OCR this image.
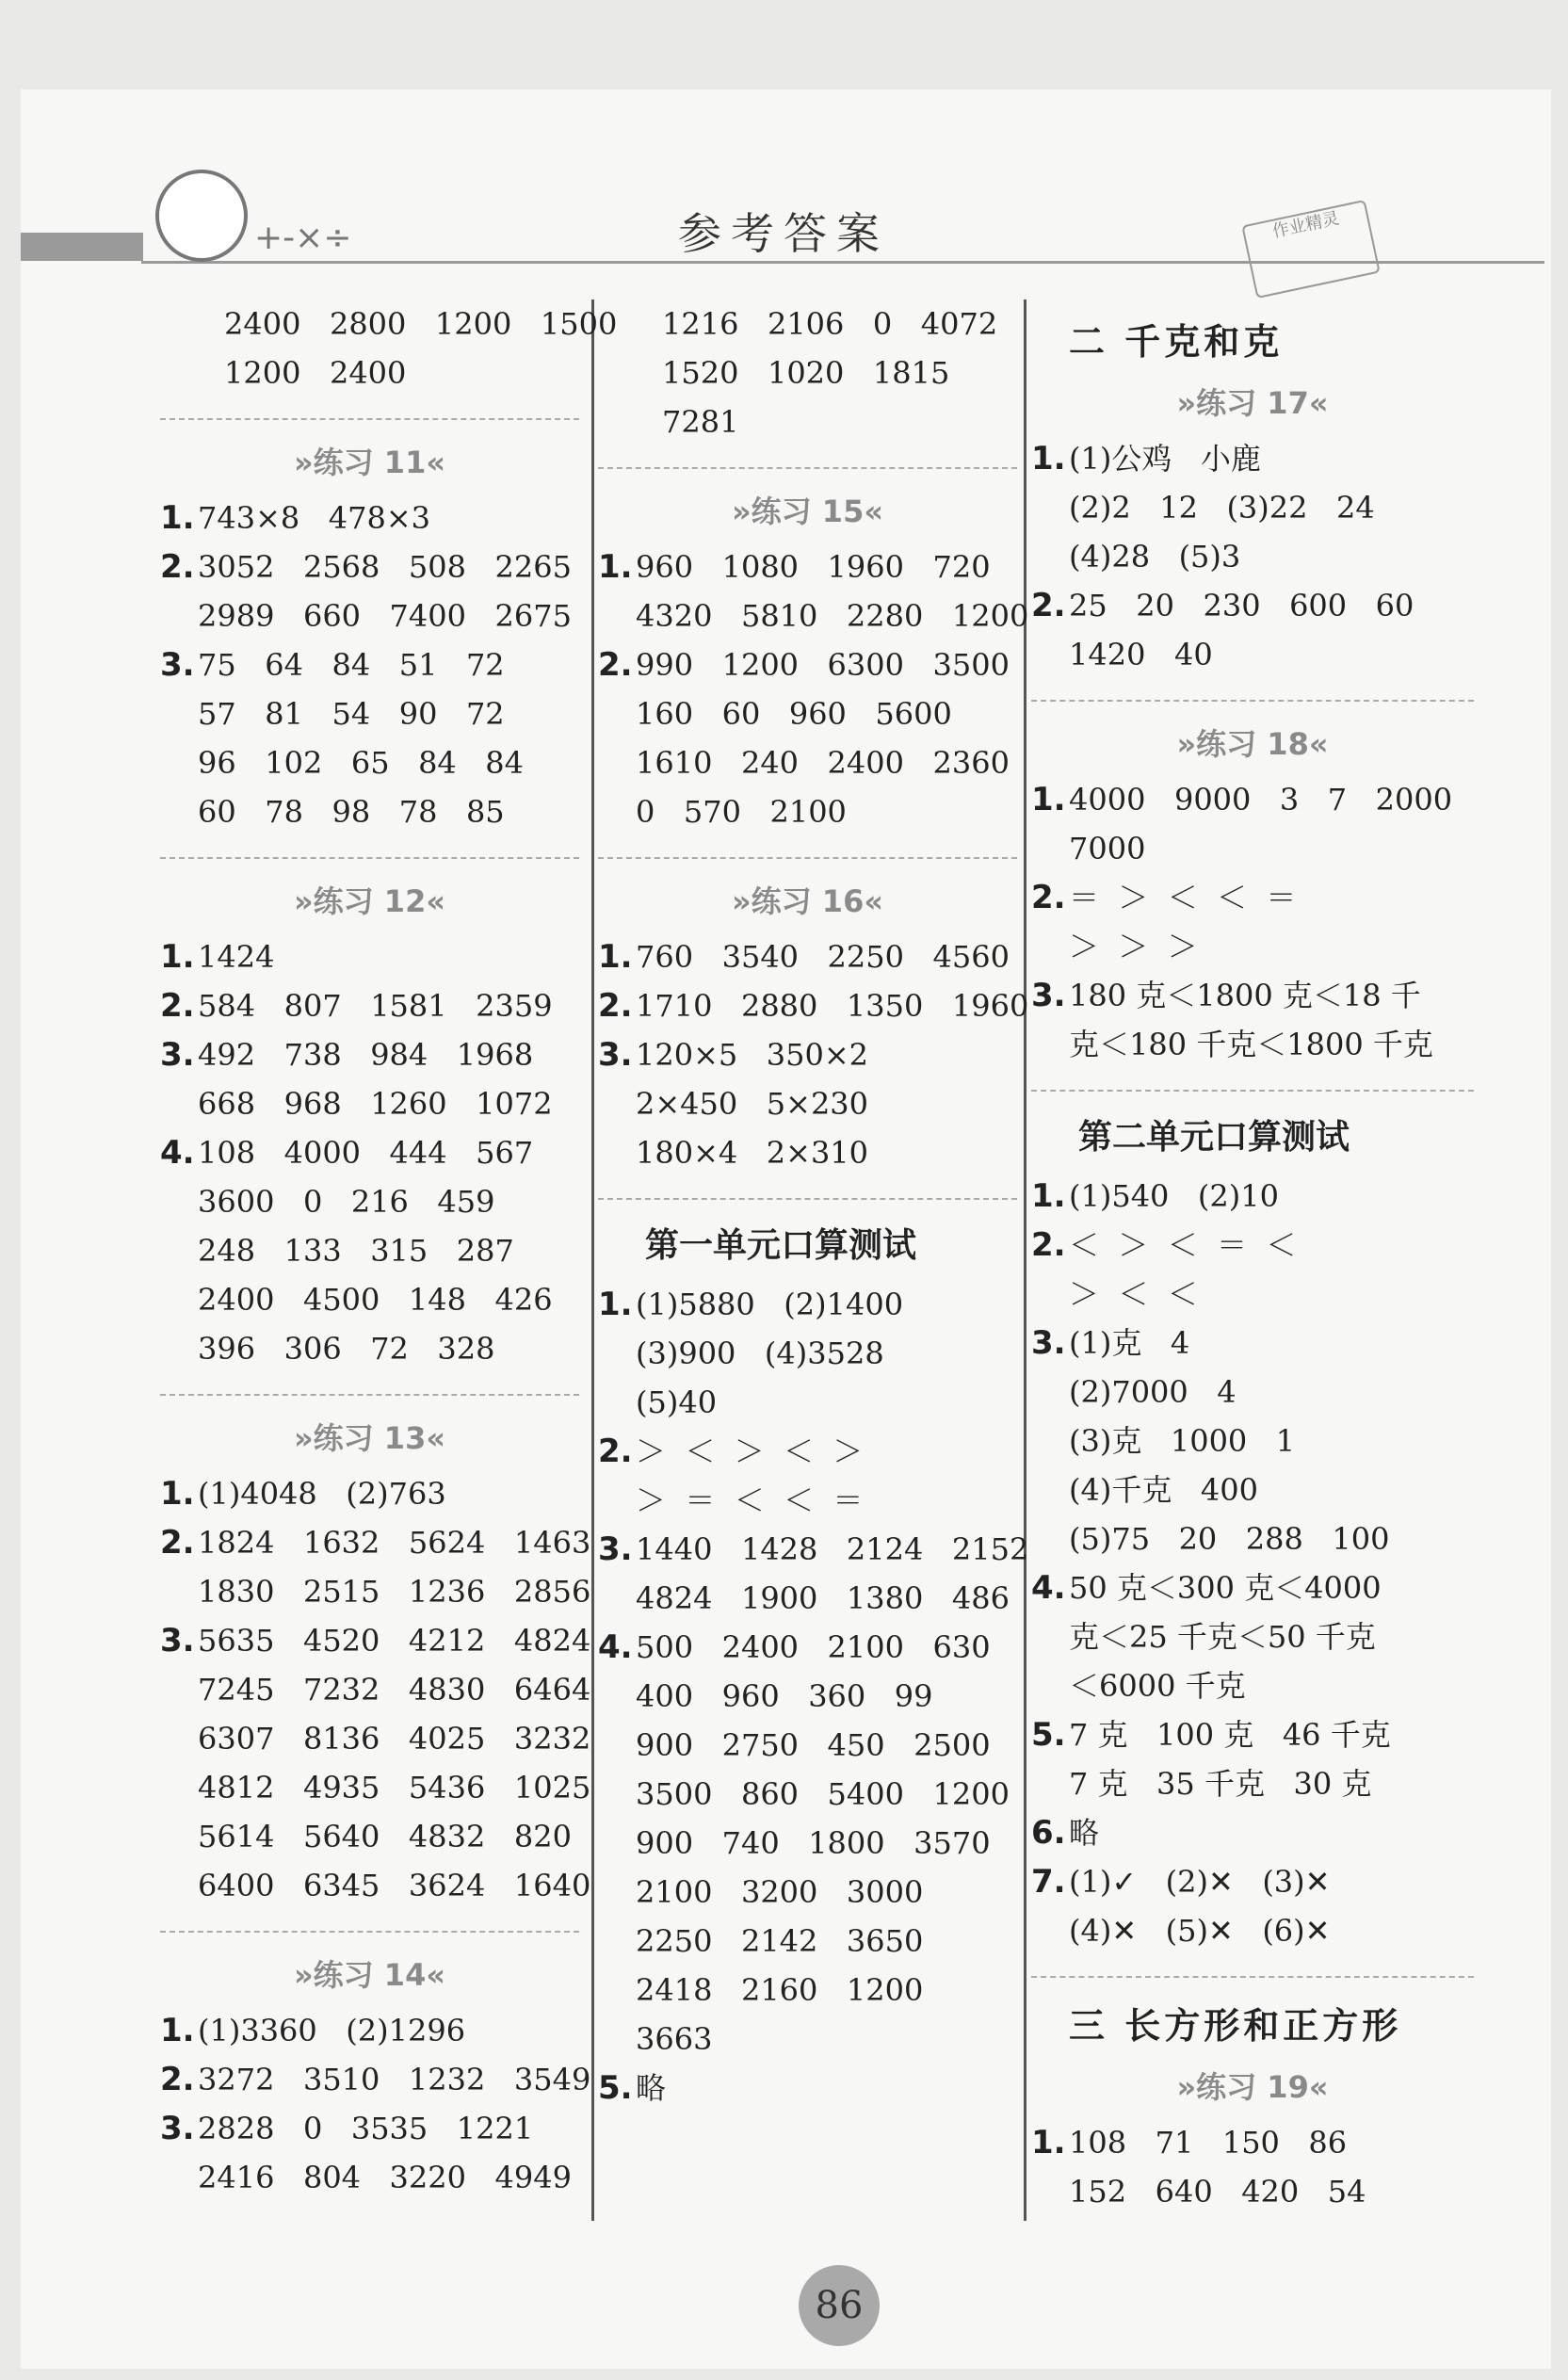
+-×÷	参考答案	作业精灵
2400   2800   1200   1500
1200   2400
»练习 11«
1. 743×8   478×3
2. 3052   2568   508   2265
2989   660   7400   2675
3. 75   64   84   51   72
57   81   54   90   72
96   102   65   84   84
60   78   98   78   85
»练习 12«
1. 1424
2. 584   807   1581   2359
3. 492   738   984   1968
668   968   1260   1072
4. 108   4000   444   567
3600   0   216   459
248   133   315   287
2400   4500   148   426
396   306   72   328
»练习 13«
1. (1)4048   (2)763
2. 1824   1632   5624   1463
1830   2515   1236   2856
3. 5635   4520   4212   4824
7245   7232   4830   6464
6307   8136   4025   3232
4812   4935   5436   1025
5614   5640   4832   820
6400   6345   3624   1640
»练习 14«
1. (1)3360   (2)1296
2. 3272   3510   1232   3549
3. 2828   0   3535   1221
2416   804   3220   4949
1216   2106   0   4072
1520   1020   1815
7281
»练习 15«
1. 960   1080   1960   720
4320   5810   2280   1200
2. 990   1200   6300   3500
160   60   960   5600
1610   240   2400   2360
0   570   2100
»练习 16«
1. 760   3540   2250   4560
2. 1710   2880   1350   1960
3. 120×5   350×2
2×450   5×230
180×4   2×310
第一单元口算测试
1. (1)5880   (2)1400
(3)900   (4)3528
(5)40
2. ＞  ＜  ＞  ＜  ＞
＞  ＝  ＜  ＜  ＝
3. 1440   1428   2124   2152
4824   1900   1380   486
4. 500   2400   2100   630
400   960   360   99
900   2750   450   2500
3500   860   5400   1200
900   740   1800   3570
2100   3200   3000
2250   2142   3650
2418   2160   1200
3663
5. 略
二 千克和克
»练习 17«
1. (1)公鸡   小鹿
(2)2   12   (3)22   24
(4)28   (5)3
2. 25   20   230   600   60
1420   40
»练习 18«
1. 4000   9000   3   7   2000
7000
2. ＝  ＞  ＜  ＜  ＝
＞  ＞  ＞
3. 180 克＜1800 克＜18 千
克＜180 千克＜1800 千克
第二单元口算测试
1. (1)540   (2)10
2. ＜  ＞  ＜  ＝  ＜
＞  ＜  ＜
3. (1)克   4
(2)7000   4
(3)克   1000   1
(4)千克   400
(5)75   20   288   100
4. 50 克＜300 克＜4000
克＜25 千克＜50 千克
＜6000 千克
5. 7 克   100 克   46 千克
7 克   35 千克   30 克
6. 略
7. (1)✓   (2)✕   (3)✕
(4)✕   (5)✕   (6)✕
三 长方形和正方形
»练习 19«
1. 108   71   150   86
152   640   420   54
86
